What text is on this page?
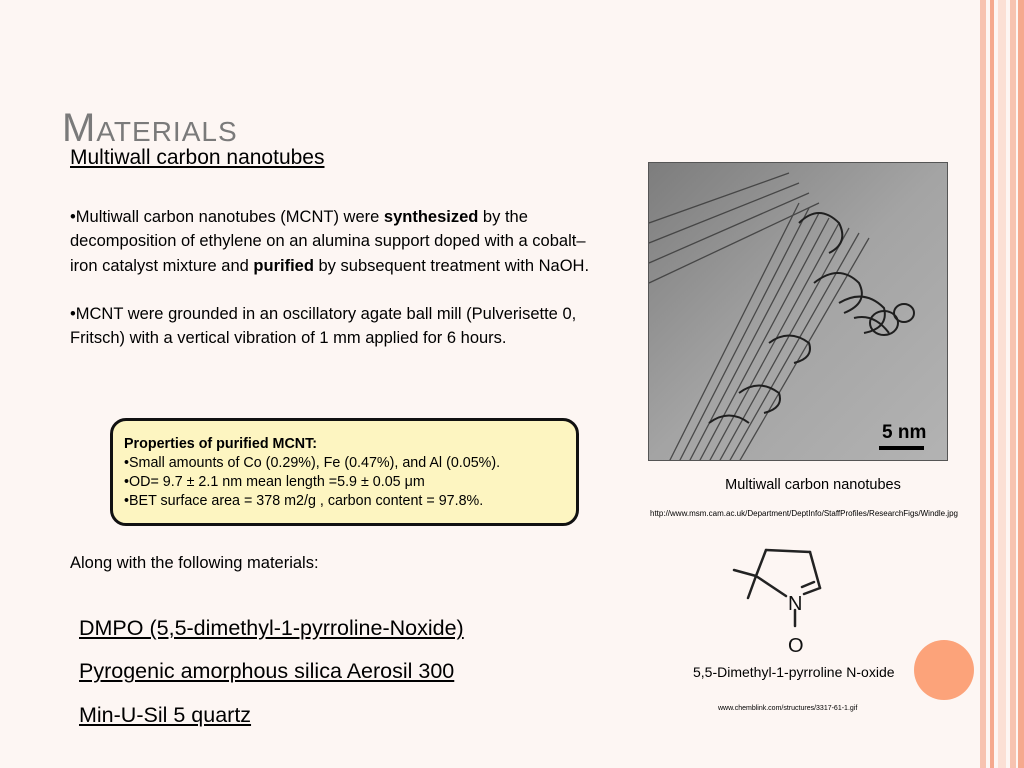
Materials
Multiwall carbon nanotubes

•Multiwall carbon nanotubes (MCNT) were synthesized by the decomposition of ethylene on an alumina support doped with a cobalt–iron catalyst mixture and purified by subsequent treatment with NaOH.

•MCNT were grounded in an oscillatory agate ball mill (Pulverisette 0, Fritsch) with a vertical vibration of 1 mm applied for 6 hours.

Properties of purified MCNT:
•Small amounts of Co (0.29%), Fe (0.47%), and Al (0.05%).
•OD= 9.7 ± 2.1 nm mean length =5.9 ± 0.05 μm
•BET surface area = 378 m2/g , carbon content = 97.8%.
Along with the following materials:
DMPO (5,5-dimethyl-1-pyrroline-Noxide)
Pyrogenic amorphous silica Aerosil 300
Min-U-Sil 5 quartz
5 nm
Multiwall carbon nanotubes
http://www.msm.cam.ac.uk/Department/DeptInfo/StaffProfiles/ResearchFigs/Windle.jpg
N
O
5,5-Dimethyl-1-pyrroline N-oxide
www.chemblink.com/structures/3317-61-1.gif
